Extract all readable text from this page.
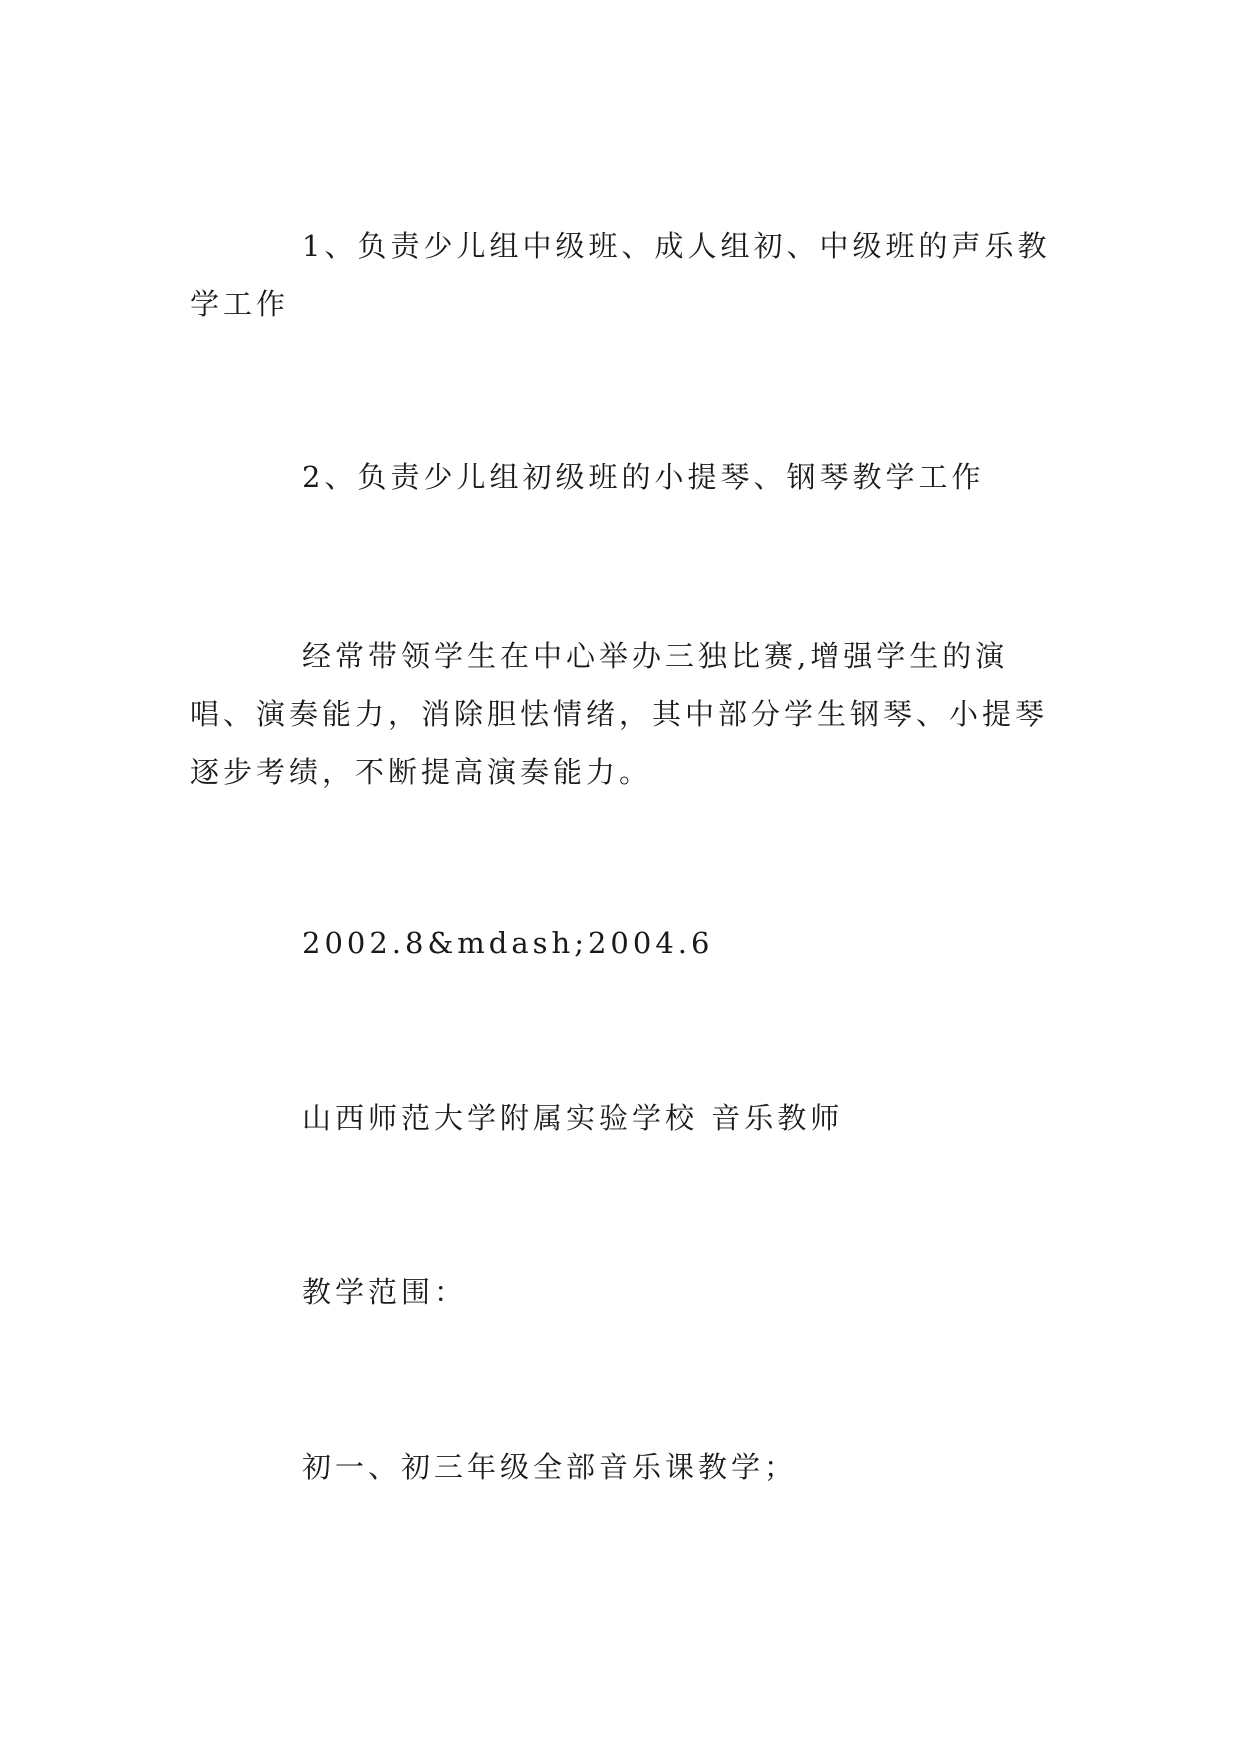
1、负责少儿组中级班、成人组初、中级班的声乐教学工作

2、负责少儿组初级班的小提琴、钢琴教学工作

经常带领学生在中心举办三独比赛,增强学生的演唱、演奏能力，消除胆怯情绪，其中部分学生钢琴、小提琴逐步考绩，不断提高演奏能力。

2002.8&mdash;2004.6

山西师范大学附属实验学校 音乐教师

教学范围：

初一、初三年级全部音乐课教学；
